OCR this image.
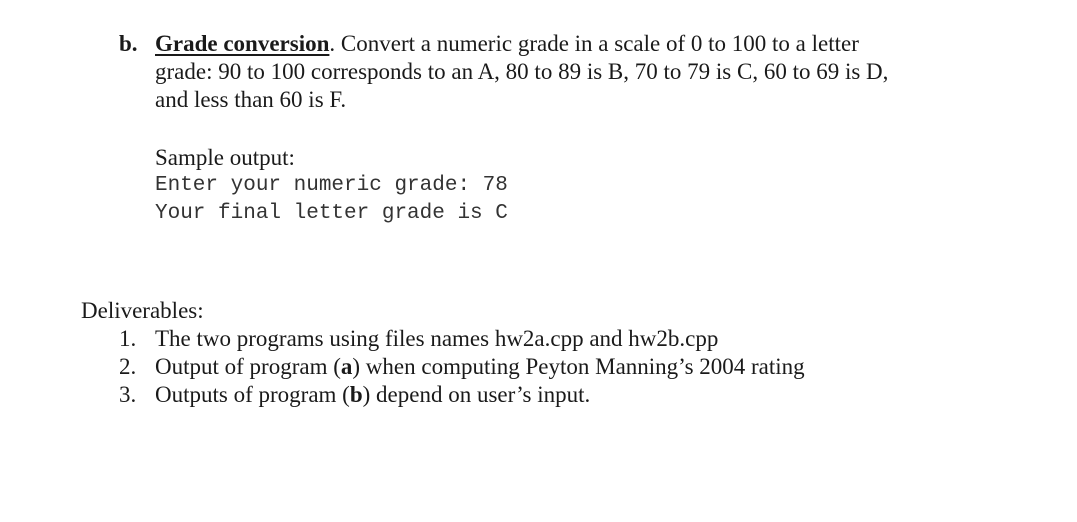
b. Grade conversion. Convert a numeric grade in a scale of 0 to 100 to a letter
grade: 90 to 100 corresponds to an A, 80 to 89 is B, 70 to 79 is C, 60 to 69 is D,
and less than 60 is F.
Sample output:
Enter your numeric grade: 78
Your final letter grade is C
Deliverables:
1. The two programs using files names hw2a.cpp and hw2b.cpp
2. Output of program (a) when computing Peyton Manning’s 2004 rating
3. Outputs of program (b) depend on user’s input.
